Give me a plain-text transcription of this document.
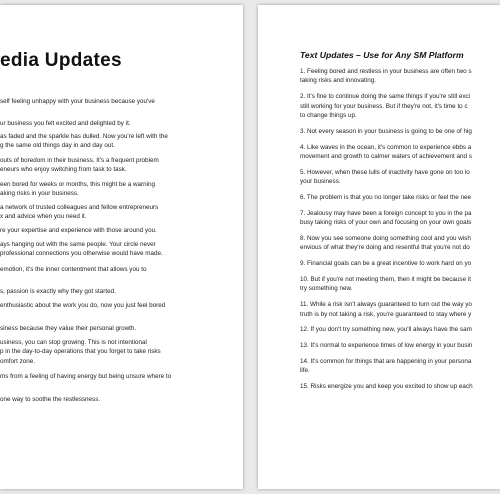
edia Updates
self feeling unhappy with your business because you've
ur business you felt excited and delighted by it.
as faded and the sparkle has dulled. Now you're left with the
g the same old things day in and day out.
outs of boredom in their business. It's a frequent problem
eneurs who enjoy switching from task to task.
een bored for weeks or months, this might be a warning
aking risks in your business.
a network of trusted colleagues and fellow entrepreneurs
x and advice when you need it.
re your expertise and experience with those around you.
ays hanging out with the same people. Your circle never
professional connections you otherwise would have made.
emotion, it's the inner contentment that allows you to
s, passion is exactly why they got started.
enthusiastic about the work you do, now you just feel bored
siness because they value their personal growth.
usiness, you can stop growing. This is not intentional
p in the day-to-day operations that you forget to take risks
omfort zone.
ms from a feeling of having energy but being unsure where to
one way to soothe the restlessness.
Text Updates – Use for Any SM Platform
1. Feeling bored and restless in your business are often two s
taking risks and innovating.
2. It's fine to continue doing the same things if you're still exci
still working for your business. But if they're not, it's time to c
to change things up.
3. Not every season in your business is going to be one of hig
4. Like waves in the ocean, it's common to experience ebbs a
movement and growth to calmer waters of achievement and s
5. However, when these lulls of inactivity have gone on too lo
your business.
6. The problem is that you no longer take risks or feel the nee
7. Jealousy may have been a foreign concept to you in the pa
busy taking risks of your own and focusing on your own goals
8. Now you see someone doing something cool and you wish
envious of what they're doing and resentful that you're not do
9. Financial goals can be a great incentive to work hard on yo
10. But if you're not meeting them, then it might be because it
try something new.
11. While a risk isn't always guaranteed to turn out the way yo
truth is by not taking a risk, you're guaranteed to stay where y
12. If you don't try something new, you'll always have the sam
13. It's normal to experience times of low energy in your busin
14. It's common for things that are happening in your persona
life.
15. Risks energize you and keep you excited to show up each
